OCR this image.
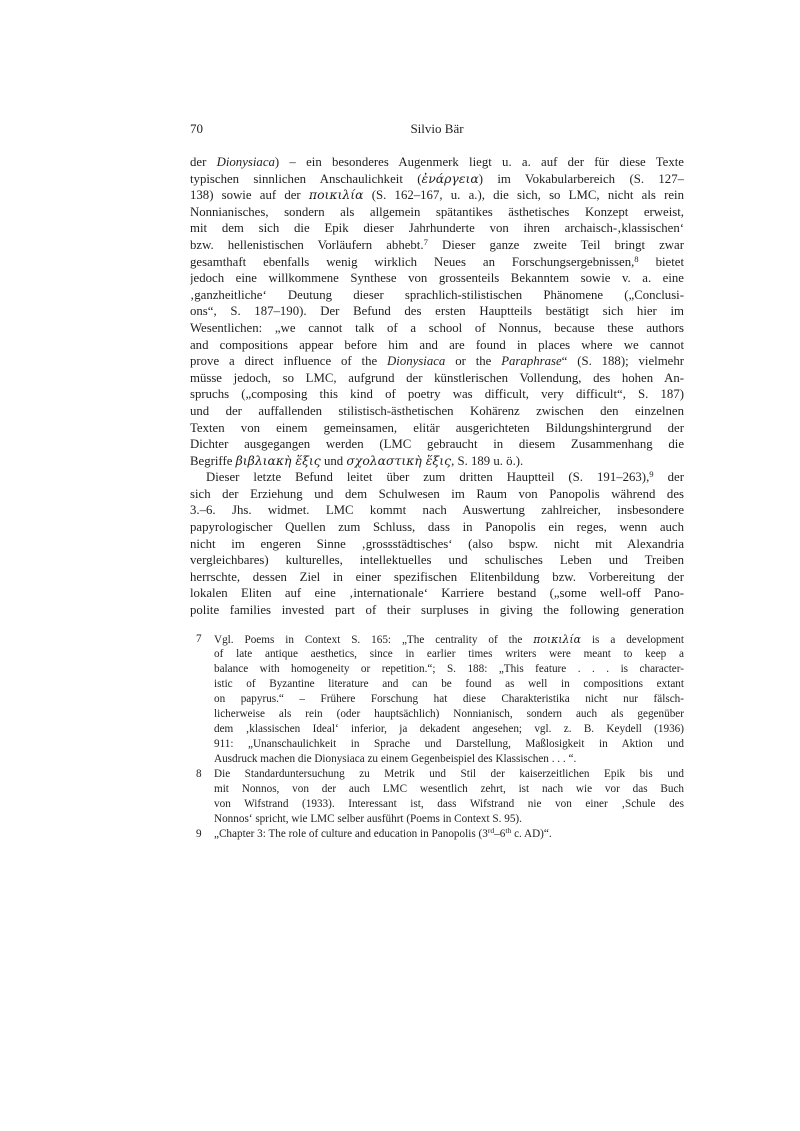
70	Silvio Bär
der Dionysiaca) – ein besonderes Augenmerk liegt u. a. auf der für diese Texte
typischen sinnlichen Anschaulichkeit (ἐνάργεια) im Vokabularbereich (S. 127–
138) sowie auf der ποικιλία (S. 162–167, u. a.), die sich, so LMC, nicht als rein
Nonnianisches, sondern als allgemein spätantikes ästhetisches Konzept erweist,
mit dem sich die Epik dieser Jahrhunderte von ihren archaisch-‚klassischen‘
bzw. hellenistischen Vorläufern abhebt.$^7$ Dieser ganze zweite Teil bringt zwar
gesamthaft ebenfalls wenig wirklich Neues an Forschungsergebnissen,$^8$ bietet
jedoch eine willkommene Synthese von grossenteils Bekanntem sowie v. a. eine
‚ganzheitliche‘ Deutung dieser sprachlich-stilistischen Phänomene („Conclusi-
ons“, S. 187–190). Der Befund des ersten Hauptteils bestätigt sich hier im
Wesentlichen: „we cannot talk of a school of Nonnus, because these authors
and compositions appear before him and are found in places where we cannot
prove a direct influence of the Dionysiaca or the Paraphrase“ (S. 188); vielmehr
müsse jedoch, so LMC, aufgrund der künstlerischen Vollendung, des hohen An-
spruchs („composing this kind of poetry was difficult, very difficult“, S. 187)
und der auffallenden stilistisch-ästhetischen Kohärenz zwischen den einzelnen
Texten von einem gemeinsamen, elitär ausgerichteten Bildungshintergrund der
Dichter ausgegangen werden (LMC gebraucht in diesem Zusammenhang die
Begriffe βιβλιακὴ ἕξις und σχολαστικὴ ἕξις, S. 189 u. ö.).
Dieser letzte Befund leitet über zum dritten Hauptteil (S. 191–263),$^9$ der
sich der Erziehung und dem Schulwesen im Raum von Panopolis während des
3.–6. Jhs. widmet. LMC kommt nach Auswertung zahlreicher, insbesondere
papyrologischer Quellen zum Schluss, dass in Panopolis ein reges, wenn auch
nicht im engeren Sinne ‚grossstädtisches‘ (also bspw. nicht mit Alexandria
vergleichbares) kulturelles, intellektuelles und schulisches Leben und Treiben
herrschte, dessen Ziel in einer spezifischen Elitenbildung bzw. Vorbereitung der
lokalen Eliten auf eine ‚internationale‘ Karriere bestand („some well-off Pano-
polite families invested part of their surpluses in giving the following generation
7 Vgl. Poems in Context S. 165: „The centrality of the ποικιλία is a development
of late antique aesthetics, since in earlier times writers were meant to keep a
balance with homogeneity or repetition.“; S. 188: „This feature . . . is character-
istic of Byzantine literature and can be found as well in compositions extant
on papyrus.“ – Frühere Forschung hat diese Charakteristika nicht nur fälsch-
licherweise als rein (oder hauptsächlich) Nonnianisch, sondern auch als gegenüber
dem ‚klassischen Ideal‘ inferior, ja dekadent angesehen; vgl. z. B. Keydell (1936)
911: „Unanschaulichkeit in Sprache und Darstellung, Maßlosigkeit in Aktion und
Ausdruck machen die Dionysiaca zu einem Gegenbeispiel des Klassischen . . . “.
8 Die Standarduntersuchung zu Metrik und Stil der kaiserzeitlichen Epik bis und
mit Nonnos, von der auch LMC wesentlich zehrt, ist nach wie vor das Buch
von Wifstrand (1933). Interessant ist, dass Wifstrand nie von einer ‚Schule des
Nonnos‘ spricht, wie LMC selber ausführt (Poems in Context S. 95).
9 „Chapter 3: The role of culture and education in Panopolis (3rd–6th c. AD)“.
